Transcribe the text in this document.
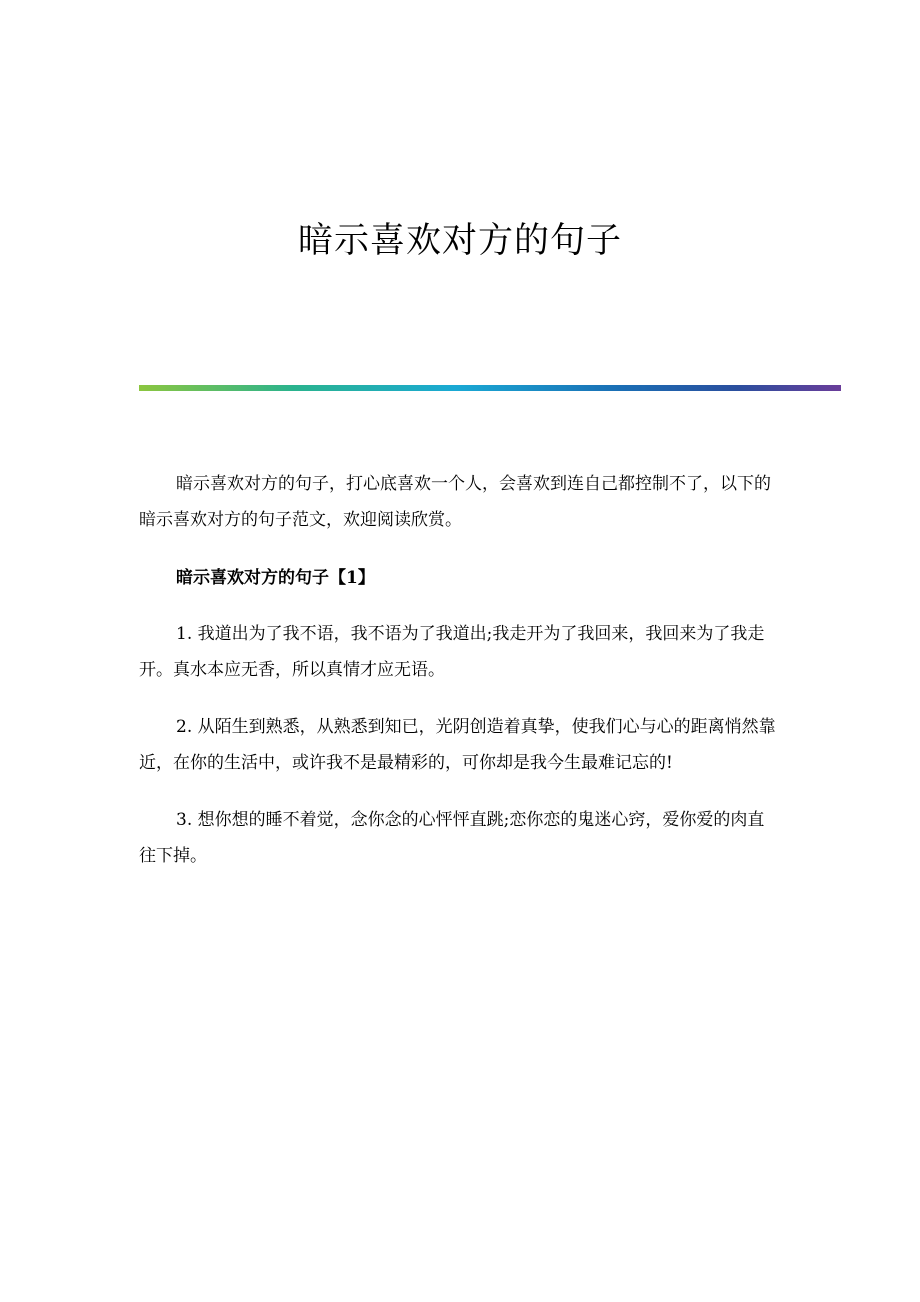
暗示喜欢对方的句子

暗示喜欢对方的句子，打心底喜欢一个人，会喜欢到连自己都控制不了，以下的暗示喜欢对方的句子范文，欢迎阅读欣赏。

暗示喜欢对方的句子【1】

1. 我道出为了我不语，我不语为了我道出;我走开为了我回来，我回来为了我走开。真水本应无香，所以真情才应无语。

2. 从陌生到熟悉，从熟悉到知已，光阴创造着真挚，使我们心与心的距离悄然靠近，在你的生活中，或许我不是最精彩的，可你却是我今生最难记忘的!

3. 想你想的睡不着觉，念你念的心怦怦直跳;恋你恋的鬼迷心窍，爱你爱的肉直往下掉。
